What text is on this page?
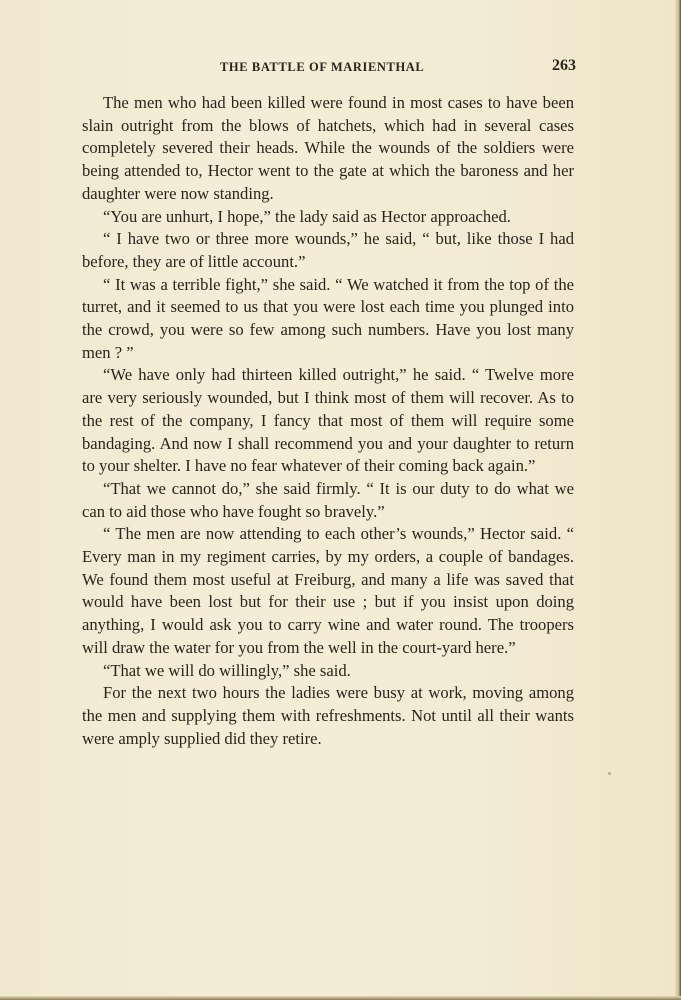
THE BATTLE OF MARIENTHAL	263

The men who had been killed were found in most cases to have been slain outright from the blows of hatchets, which had in several cases completely severed their heads. While the wounds of the soldiers were being attended to, Hector went to the gate at which the baroness and her daughter were now standing.

“You are unhurt, I hope,” the lady said as Hector approached.

“ I have two or three more wounds,” he said, “ but, like those I had before, they are of little account.”

“ It was a terrible fight,” she said. “ We watched it from the top of the turret, and it seemed to us that you were lost each time you plunged into the crowd, you were so few among such numbers. Have you lost many men ? ”

“We have only had thirteen killed outright,” he said. “ Twelve more are very seriously wounded, but I think most of them will recover. As to the rest of the company, I fancy that most of them will require some bandaging. And now I shall recommend you and your daughter to return to your shelter. I have no fear whatever of their coming back again.”

“That we cannot do,” she said firmly. “ It is our duty to do what we can to aid those who have fought so bravely.”

“ The men are now attending to each other’s wounds,” Hector said. “ Every man in my regiment carries, by my orders, a couple of bandages. We found them most useful at Freiburg, and many a life was saved that would have been lost but for their use ; but if you insist upon doing anything, I would ask you to carry wine and water round. The troopers will draw the water for you from the well in the court-yard here.”

“That we will do willingly,” she said.

For the next two hours the ladies were busy at work, moving among the men and supplying them with refreshments. Not until all their wants were amply supplied did they retire.
